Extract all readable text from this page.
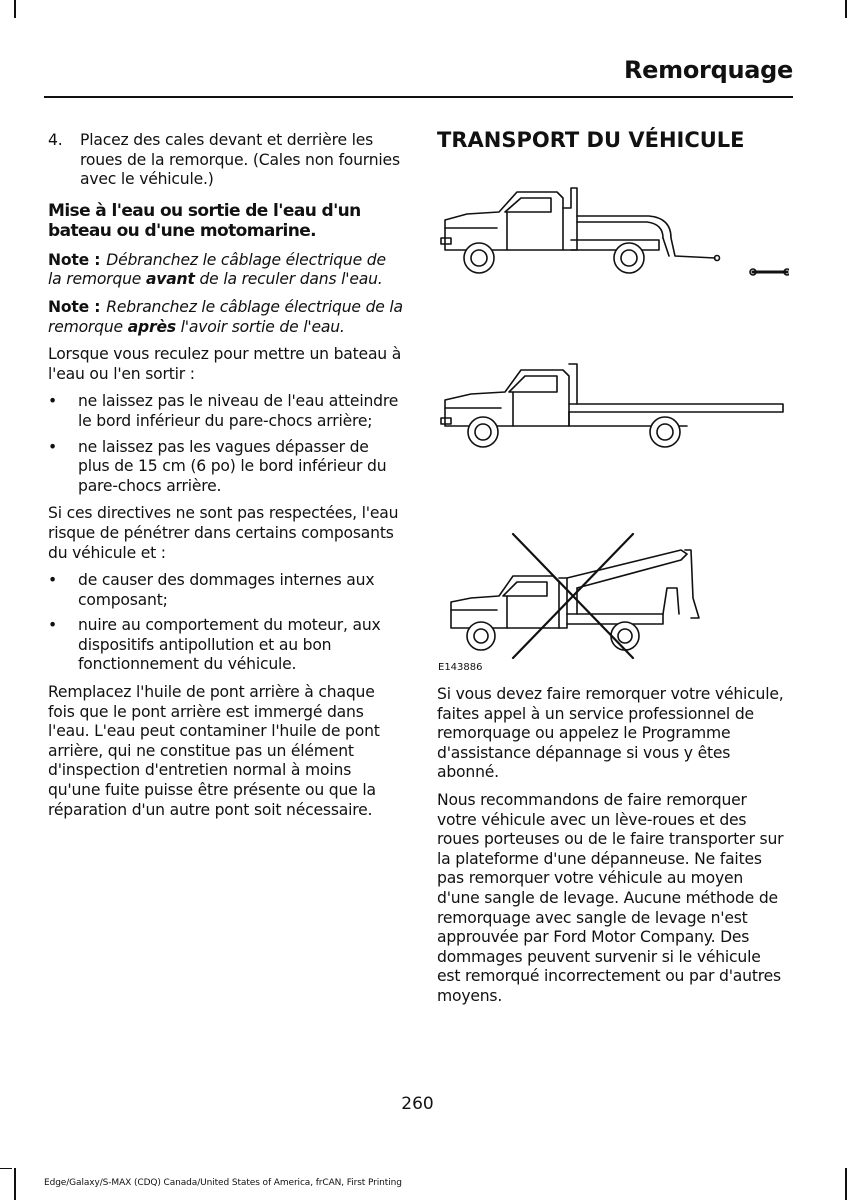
Remorquage
4.	Placez des cales devant et derrière les roues de la remorque. (Cales non fournies avec le véhicule.)
Mise à l'eau ou sortie de l'eau d'un bateau ou d'une motomarine.

Note : Débranchez le câblage électrique de la remorque avant de la reculer dans l'eau.

Note : Rebranchez le câblage électrique de la remorque après l'avoir sortie de l'eau.

Lorsque vous reculez pour mettre un bateau à l'eau ou l'en sortir :

•	ne laissez pas le niveau de l'eau atteindre le bord inférieur du pare-chocs arrière;
•	ne laissez pas les vagues dépasser de plus de 15 cm (6 po) le bord inférieur du pare-chocs arrière.

Si ces directives ne sont pas respectées, l'eau risque de pénétrer dans certains composants du véhicule et :

•	de causer des dommages internes aux composant;
•	nuire au comportement du moteur, aux dispositifs antipollution et au bon fonctionnement du véhicule.

Remplacez l'huile de pont arrière à chaque fois que le pont arrière est immergé dans l'eau. L'eau peut contaminer l'huile de pont arrière, qui ne constitue pas un élément d'inspection d'entretien normal à moins qu'une fuite puisse être présente ou que la réparation d'un autre pont soit nécessaire.

TRANSPORT DU VÉHICULE
E143886

Si vous devez faire remorquer votre véhicule, faites appel à un service professionnel de remorquage ou appelez le Programme d'assistance dépannage si vous y êtes abonné.

Nous recommandons de faire remorquer votre véhicule avec un lève-roues et des roues porteuses ou de le faire transporter sur la plateforme d'une dépanneuse. Ne faites pas remorquer votre véhicule au moyen d'une sangle de levage. Aucune méthode de remorquage avec sangle de levage n'est approuvée par Ford Motor Company. Des dommages peuvent survenir si le véhicule est remorqué incorrectement ou par d'autres moyens.

260
Edge/Galaxy/S-MAX (CDQ) Canada/United States of America, frCAN, First Printing
